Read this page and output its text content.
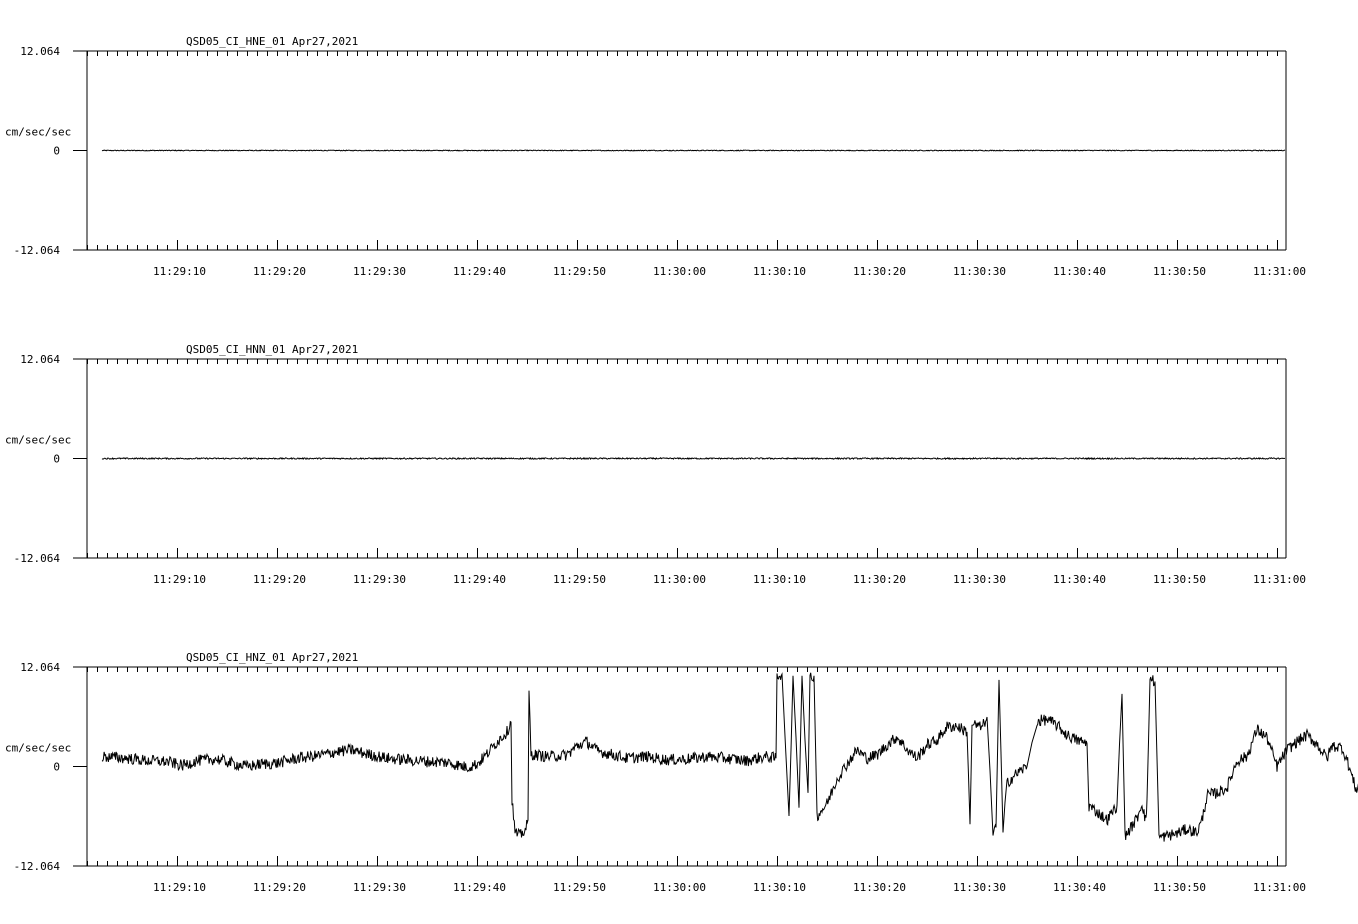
11:29:10	11:29:20	11:29:30	11:29:40	11:29:50	11:30:00	11:30:10	11:30:20	11:30:30	11:30:40	11:30:50	11:31:00
12.064
0
-12.064
cm/sec/sec
QSD05_CI_HNE_01 Apr27,2021
11:29:10	11:29:20	11:29:30	11:29:40	11:29:50	11:30:00	11:30:10	11:30:20	11:30:30	11:30:40	11:30:50	11:31:00
12.064
0
-12.064
cm/sec/sec
QSD05_CI_HNN_01 Apr27,2021
11:29:10	11:29:20	11:29:30	11:29:40	11:29:50	11:30:00	11:30:10	11:30:20	11:30:30	11:30:40	11:30:50	11:31:00
12.064
0
-12.064
cm/sec/sec
QSD05_CI_HNZ_01 Apr27,2021
